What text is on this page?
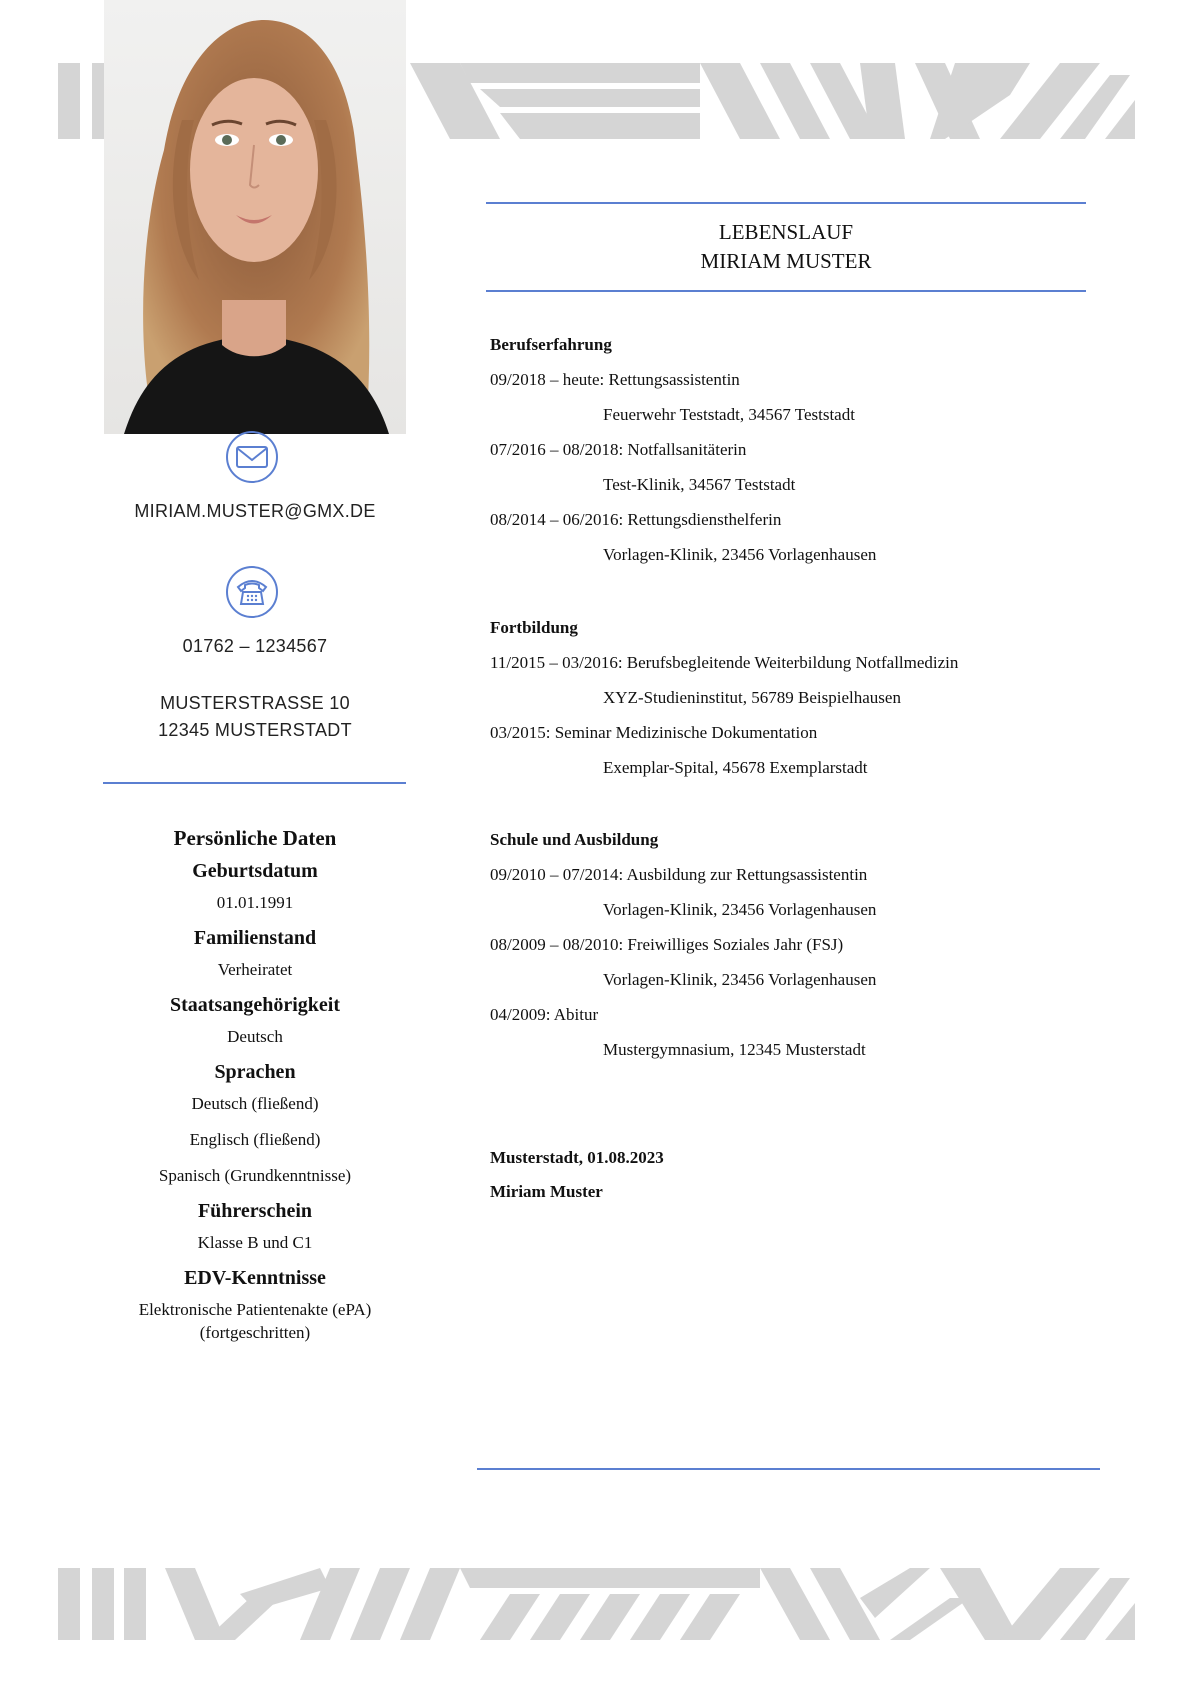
MIRIAM.MUSTER@GMX.DE
01762 – 1234567
MUSTERSTRASSE 10
12345 MUSTERSTADT
Persönliche Daten
Geburtsdatum
01.01.1991
Familienstand
Verheiratet
Staatsangehörigkeit
Deutsch
Sprachen
Deutsch (fließend)
Englisch (fließend)
Spanisch (Grundkenntnisse)
Führerschein
Klasse B und C1
EDV-Kenntnisse
Elektronische Patientenakte (ePA)
(fortgeschritten)
LEBENSLAUF
MIRIAM MUSTER
Berufserfahrung
09/2018 – heute: Rettungsassistentin
Feuerwehr Teststadt, 34567 Teststadt
07/2016 – 08/2018: Notfallsanitäterin
Test-Klinik, 34567 Teststadt
08/2014 – 06/2016: Rettungsdiensthelferin
Vorlagen-Klinik, 23456 Vorlagenhausen
Fortbildung
11/2015 – 03/2016: Berufsbegleitende Weiterbildung Notfallmedizin
XYZ-Studieninstitut, 56789 Beispielhausen
03/2015: Seminar Medizinische Dokumentation
Exemplar-Spital, 45678 Exemplarstadt
Schule und Ausbildung
09/2010 – 07/2014: Ausbildung zur Rettungsassistentin
Vorlagen-Klinik, 23456 Vorlagenhausen
08/2009 – 08/2010: Freiwilliges Soziales Jahr (FSJ)
Vorlagen-Klinik, 23456 Vorlagenhausen
04/2009: Abitur
Mustergymnasium, 12345 Musterstadt
Musterstadt, 01.08.2023
Miriam Muster
